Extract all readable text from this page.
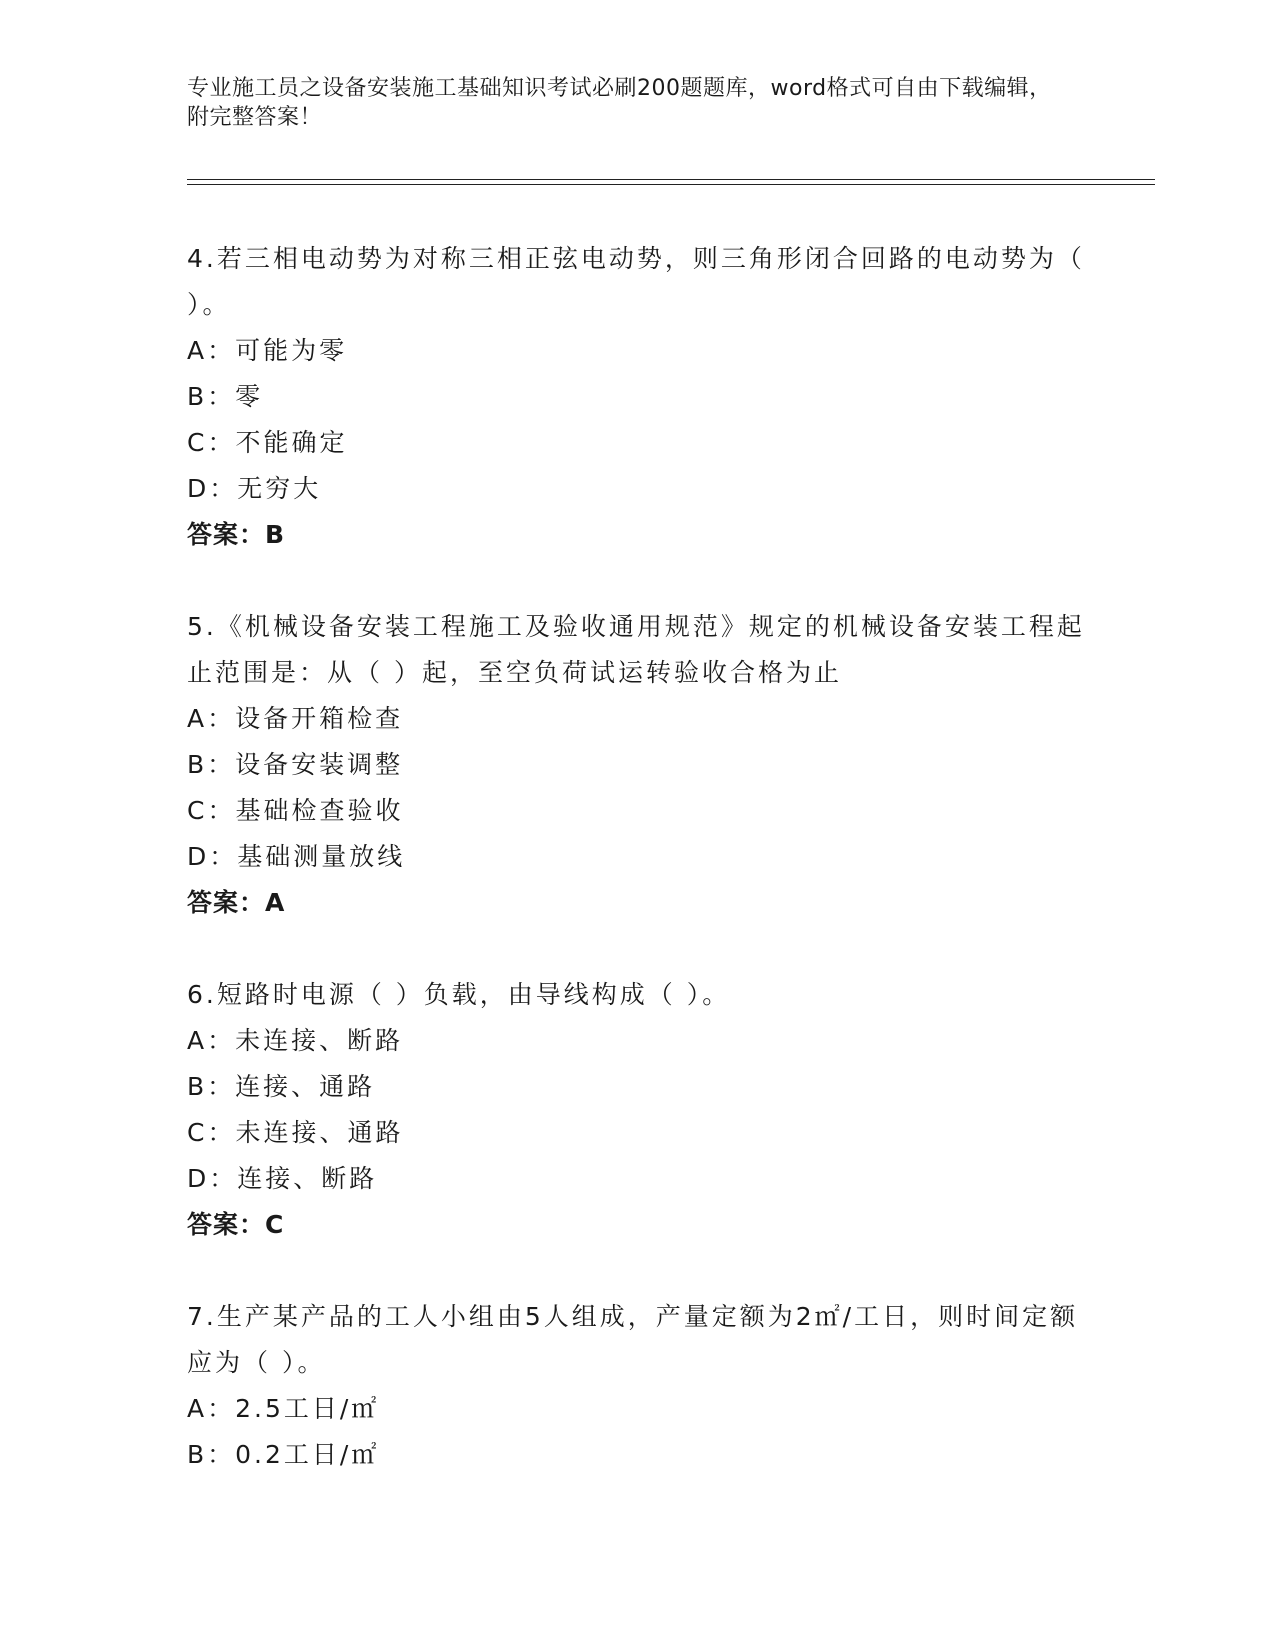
专业施工员之设备安装施工基础知识考试必刷200题题库，word格式可自由下载编辑，附完整答案！
4.若三相电动势为对称三相正弦电动势，则三角形闭合回路的电动势为（ ）。
A：可能为零
B：零
C：不能确定
D：无穷大
答案：B
5.《机械设备安装工程施工及验收通用规范》规定的机械设备安装工程起止范围是：从（ ）起，至空负荷试运转验收合格为止
A：设备开箱检查
B：设备安装调整
C：基础检查验收
D：基础测量放线
答案：A
6.短路时电源（ ）负载，由导线构成（ ）。
A：未连接、断路
B：连接、通路
C：未连接、通路
D：连接、断路
答案：C
7.生产某产品的工人小组由5人组成，产量定额为2㎡/工日，则时间定额应为（ ）。
A：2.5工日/㎡
B：0.2工日/㎡
